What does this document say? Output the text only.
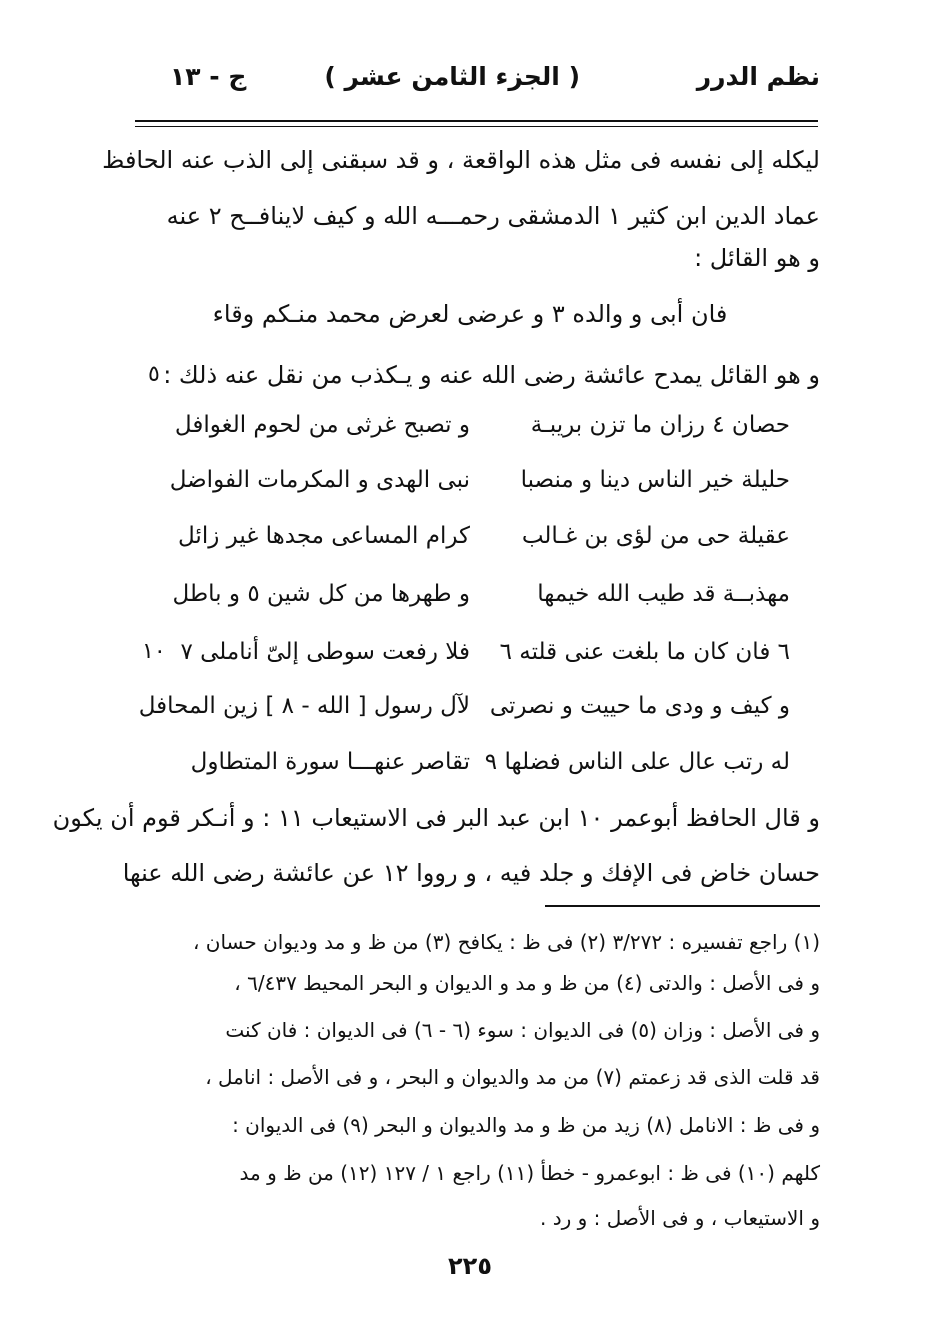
نظم الدرر
( الجزء الثامن عشر )
ج - ١٣
ليكله إلى نفسه فى مثل هذه الواقعة ، و قد سبقنى إلى الذب عنه الحافظ
عماد الدين ابن كثير ١ الدمشقى رحمـــه الله و كيف لاينافــح ٢ عنه
و هو القائل :
فان أبى و والده ٣ و عرضى لعرض محمد منـكم وقاء
و هو القائل يمدح عائشة رضى الله عنه و يـكذب من نقل عنه ذلك :
٥
حصان ٤ رزان ما تزن بريبـة
و تصبح غرثى من لحوم الغوافل
حليلة خير الناس دينا و منصبا
نبى الهدى و المكرمات الفواضل
عقيلة حى من لؤى بن غـالب
كرام المساعى مجدها غير زائل
مهذبــة قد طيب الله خيمها
و طهرها من كل شين ٥ و باطل
٦ فان كان ما بلغت عنى قلته ٦
فلا رفعت سوطى إلىّ أناملى ٧
١٠
و كيف و ودى ما حييت و نصرتى
لآل رسول [ الله - ٨ ] زين المحافل
له رتب عال على الناس فضلها ٩
تقاصر عنهـــا سورة المتطاول
و قال الحافظ أبوعمر ١٠ ابن عبد البر فى الاستيعاب ١١ : و أنـكر قوم أن يكون
حسان خاض فى الإفك و جلد فيه ، و رووا ١٢ عن عائشة رضى الله عنها
(١) راجع تفسيره : ٣/٢٧٢ (٢) فى ظ : يكافح (٣) من ظ و مد وديوان حسان ،
و فى الأصل : والدتى (٤) من ظ و مد و الديوان و البحر المحيط ٦/٤٣٧ ،
و فى الأصل : وزان (٥) فى الديوان : سوء (٦ - ٦) فى الديوان : فان كنت
قد قلت الذى قد زعمتم (٧) من مد والديوان و البحر ، و فى الأصل : انامل ،
و فى ظ : الانامل (٨) زيد من ظ و مد والديوان و البحر (٩) فى الديوان :
كلهم (١٠) فى ظ : ابوعمرو - خطأ (١١) راجع ١ / ١٢٧ (١٢) من ظ و مد
و الاستيعاب ، و فى الأصل : و رد .
٢٢٥
